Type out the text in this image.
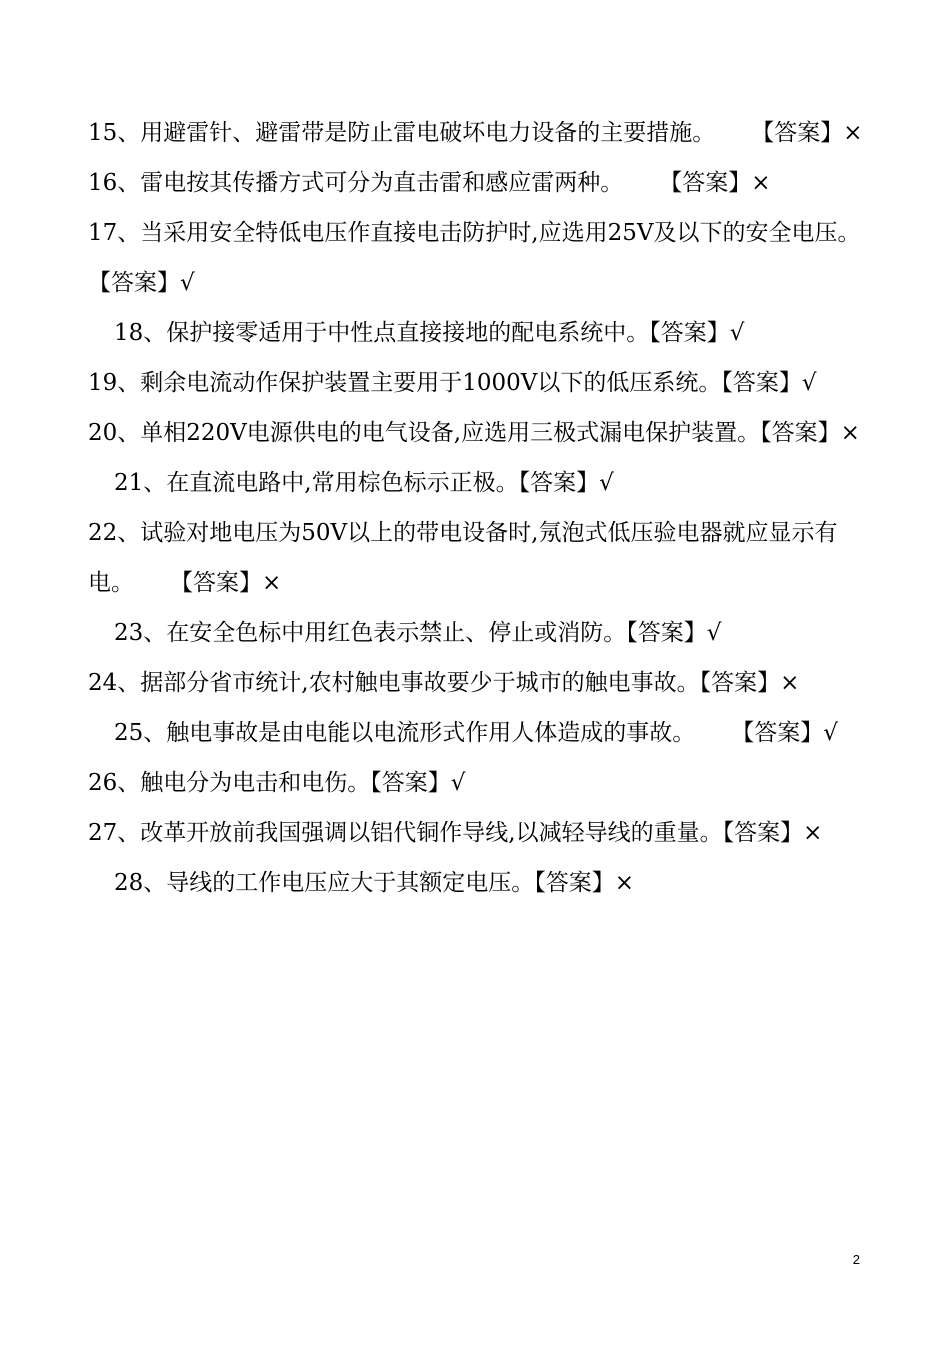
15、用避雷针、避雷带是防止雷电破坏电力设备的主要措施。 【答案】×

16、雷电按其传播方式可分为直击雷和感应雷两种。 【答案】×

17、当采用安全特低电压作直接电击防护时,应选用25V及以下的安全电压。【答案】√

18、保护接零适用于中性点直接接地的配电系统中。【答案】√

19、剩余电流动作保护装置主要用于1000V以下的低压系统。【答案】√

20、单相220V电源供电的电气设备,应选用三极式漏电保护装置。【答案】×

21、在直流电路中,常用棕色标示正极。【答案】√

22、试验对地电压为50V以上的带电设备时,氖泡式低压验电器就应显示有电。 【答案】×

23、在安全色标中用红色表示禁止、停止或消防。【答案】√

24、据部分省市统计,农村触电事故要少于城市的触电事故。【答案】×

25、触电事故是由电能以电流形式作用人体造成的事故。 【答案】√

26、触电分为电击和电伤。【答案】√

27、改革开放前我国强调以铝代铜作导线,以减轻导线的重量。【答案】×

28、导线的工作电压应大于其额定电压。【答案】×

2
